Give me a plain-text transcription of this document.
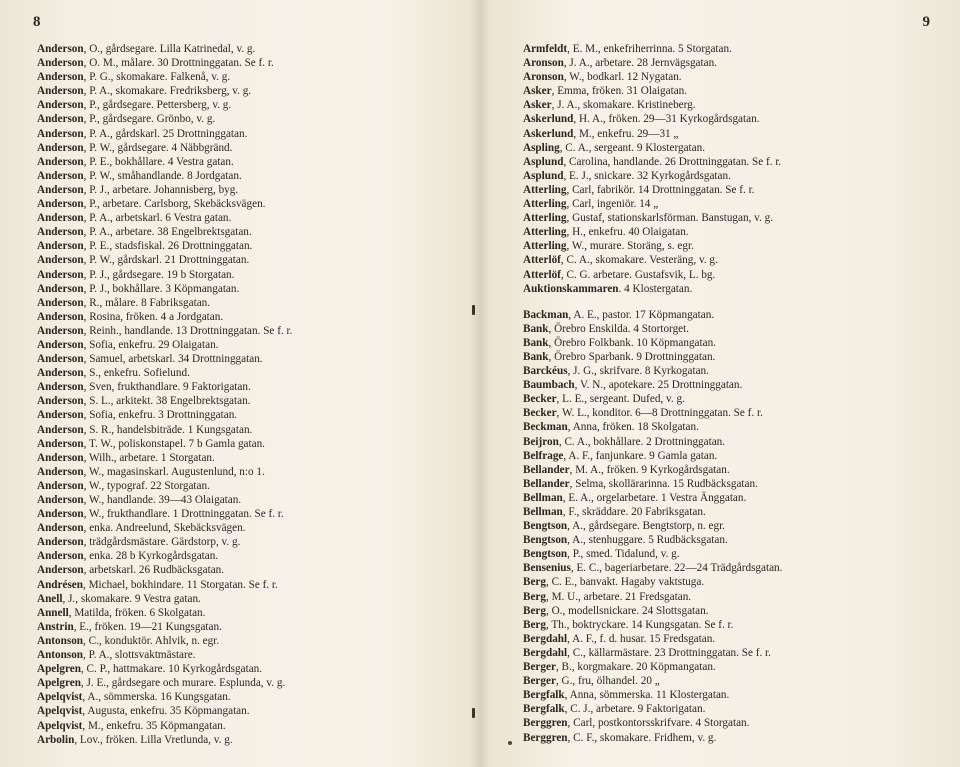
8
Anderson, O., gårdsegare. Lilla Katrinedal, v. g.
Anderson, O. M., målare. 30 Drottninggatan. Se f. r.
Anderson, P. G., skomakare. Falkenå, v. g.
Anderson, P. A., skomakare. Fredriksberg, v. g.
Anderson, P., gårdsegare. Pettersberg, v. g.
Anderson, P., gårdsegare. Grönbo, v. g.
Anderson, P. A., gårdskarl. 25 Drottninggatan.
Anderson, P. W., gårdsegare. 4 Näbbgränd.
Anderson, P. E., bokhållare. 4 Vestra gatan.
Anderson, P. W., småhandlande. 8 Jordgatan.
Anderson, P. J., arbetare. Johannisberg, byg.
Anderson, P., arbetare. Carlsborg, Skebäcksvägen.
Anderson, P. A., arbetskarl. 6 Vestra gatan.
Anderson, P. A., arbetare. 38 Engelbrektsgatan.
Anderson, P. E., stadsfiskal. 26 Drottninggatan.
Anderson, P. W., gårdskarl. 21 Drottninggatan.
Anderson, P. J., gårdsegare. 19 b Storgatan.
Anderson, P. J., bokhållare. 3 Köpmangatan.
Anderson, R., målare. 8 Fabriksgatan.
Anderson, Rosina, fröken. 4 a Jordgatan.
Anderson, Reinh., handlande. 13 Drottninggatan. Se f. r.
Anderson, Sofia, enkefru. 29 Olaigatan.
Anderson, Samuel, arbetskarl. 34 Drottninggatan.
Anderson, S., enkefru. Sofielund.
Anderson, Sven, frukthandlare. 9 Faktorigatan.
Anderson, S. L., arkitekt. 38 Engelbrektsgatan.
Anderson, Sofia, enkefru. 3 Drottninggatan.
Anderson, S. R., handelsbiträde. 1 Kungsgatan.
Anderson, T. W., poliskonstapel. 7 b Gamla gatan.
Anderson, Wilh., arbetare. 1 Storgatan.
Anderson, W., magasinskarl. Augustenlund, n:o 1.
Anderson, W., typograf. 22 Storgatan.
Anderson, W., handlande. 39—43 Olaigatan.
Anderson, W., frukthandlare. 1 Drottninggatan. Se f. r.
Anderson, enka. Andreelund, Skebäcksvägen.
Anderson, trädgårdsmästare. Gärdstorp, v. g.
Anderson, enka. 28 b Kyrkogårdsgatan.
Anderson, arbetskarl. 26 Rudbäcksgatan.
Andrésen, Michael, bokhindare. 11 Storgatan. Se f. r.
Anell, J., skomakare. 9 Vestra gatan.
Annell, Matilda, fröken. 6 Skolgatan.
Anstrin, E., fröken. 19—21 Kungsgatan.
Antonson, C., konduktör. Ahlvik, n. egr.
Antonson, P. A., slottsvaktmästare.
Apelgren, C. P., hattmakare. 10 Kyrkogårdsgatan.
Apelgren, J. E., gårdsegare och murare. Esplunda, v. g.
Apelqvist, A., sömmerska. 16 Kungsgatan.
Apelqvist, Augusta, enkefru. 35 Köpmangatan.
Apelqvist, M., enkefru. 35 Köpmangatan.
Arbolin, Lov., fröken. Lilla Vretlunda, v. g.
9
Armfeldt, E. M., enkefriherrinna. 5 Storgatan.
Aronson, J. A., arbetare. 28 Jernvägsgatan.
Aronson, W., bodkarl. 12 Nygatan.
Asker, Emma, fröken. 31 Olaigatan.
Asker, J. A., skomakare. Kristineberg.
Askerlund, H. A., fröken. 29—31 Kyrkogårdsgatan.
Askerlund, M., enkefru. 29—31 „
Aspling, C. A., sergeant. 9 Klostergatan.
Asplund, Carolina, handlande. 26 Drottninggatan. Se f. r.
Asplund, E. J., snickare. 32 Kyrkogårdsgatan.
Atterling, Carl, fabrikör. 14 Drottninggatan. Se f. r.
Atterling, Carl, ingeniör. 14 „
Atterling, Gustaf, stationskarlsförman. Banstugan, v. g.
Atterling, H., enkefru. 40 Olaigatan.
Atterling, W., murare. Storäng, s. egr.
Atterlöf, C. A., skomakare. Vesteräng, v. g.
Atterlöf, C. G. arbetare. Gustafsvik, L. bg.
Auktionskammaren. 4 Klostergatan.
Backman, A. E., pastor. 17 Köpmangatan.
Bank, Örebro Enskilda. 4 Stortorget.
Bank, Örebro Folkbank. 10 Köpmangatan.
Bank, Örebro Sparbank. 9 Drottninggatan.
Barckéus, J. G., skrifvare. 8 Kyrkogatan.
Baumbach, V. N., apotekare. 25 Drottninggatan.
Becker, L. E., sergeant. Dufed, v. g.
Becker, W. L., konditor. 6—8 Drottninggatan. Se f. r.
Beckman, Anna, fröken. 18 Skolgatan.
Beijron, C. A., bokhållare. 2 Drottninggatan.
Belfrage, A. F., fanjunkare. 9 Gamla gatan.
Bellander, M. A., fröken. 9 Kyrkogårdsgatan.
Bellander, Selma, skollärarinna. 15 Rudbäcksgatan.
Bellman, E. A., orgelarbetare. 1 Vestra Änggatan.
Bellman, F., skräddare. 20 Fabriksgatan.
Bengtson, A., gårdsegare. Bengtstorp, n. egr.
Bengtson, A., stenhuggare. 5 Rudbäcksgatan.
Bengtson, P., smed. Tidalund, v. g.
Bensenius, E. C., bageriarbetare. 22—24 Trädgårdsgatan.
Berg, C. E., banvakt. Hagaby vaktstuga.
Berg, M. U., arbetare. 21 Fredsgatan.
Berg, O., modellsnickare. 24 Slottsgatan.
Berg, Th., boktryckare. 14 Kungsgatan. Se f. r.
Bergdahl, A. F., f. d. husar. 15 Fredsgatan.
Bergdahl, C., källarmästare. 23 Drottninggatan. Se f. r.
Berger, B., korgmakare. 20 Köpmangatan.
Berger, G., fru, ölhandel. 20 „
Bergfalk, Anna, sömmerska. 11 Klostergatan.
Bergfalk, C. J., arbetare. 9 Faktorigatan.
Berggren, Carl, postkontorsskrifvare. 4 Storgatan.
Berggren, C. F., skomakare. Fridhem, v. g.
